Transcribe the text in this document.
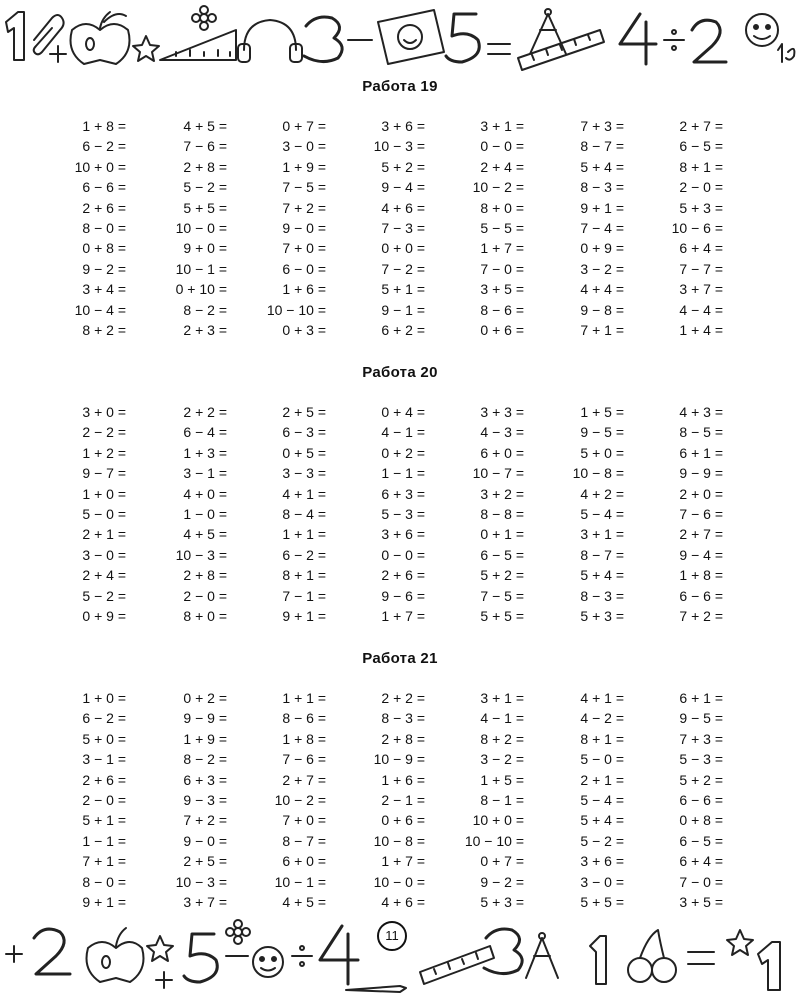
Работа 19
1 + 8 =
6 − 2 =
10 + 0 =
6 − 6 =
2 + 6 =
8 − 0 =
0 + 8 =
9 − 2 =
3 + 4 =
10 − 4 =
8 + 2 =
4 + 5 =
7 − 6 =
2 + 8 =
5 − 2 =
5 + 5 =
10 − 0 =
9 + 0 =
10 − 1 =
0 + 10 =
8 − 2 =
2 + 3 =
0 + 7 =
3 − 0 =
1 + 9 =
7 − 5 =
7 + 2 =
9 − 0 =
7 + 0 =
6 − 0 =
1 + 6 =
10 − 10 =
0 + 3 =
3 + 6 =
10 − 3 =
5 + 2 =
9 − 4 =
4 + 6 =
7 − 3 =
0 + 0 =
7 − 2 =
5 + 1 =
9 − 1 =
6 + 2 =
3 + 1 =
0 − 0 =
2 + 4 =
10 − 2 =
8 + 0 =
5 − 5 =
1 + 7 =
7 − 0 =
3 + 5 =
8 − 6 =
0 + 6 =
7 + 3 =
8 − 7 =
5 + 4 =
8 − 3 =
9 + 1 =
7 − 4 =
0 + 9 =
3 − 2 =
4 + 4 =
9 − 8 =
7 + 1 =
2 + 7 =
6 − 5 =
8 + 1 =
2 − 0 =
5 + 3 =
10 − 6 =
6 + 4 =
7 − 7 =
3 + 7 =
4 − 4 =
1 + 4 =
Работа 20
3 + 0 =
2 − 2 =
1 + 2 =
9 − 7 =
1 + 0 =
5 − 0 =
2 + 1 =
3 − 0 =
2 + 4 =
5 − 2 =
0 + 9 =
2 + 2 =
6 − 4 =
1 + 3 =
3 − 1 =
4 + 0 =
1 − 0 =
4 + 5 =
10 − 3 =
2 + 8 =
2 − 0 =
8 + 0 =
2 + 5 =
6 − 3 =
0 + 5 =
3 − 3 =
4 + 1 =
8 − 4 =
1 + 1 =
6 − 2 =
8 + 1 =
7 − 1 =
9 + 1 =
0 + 4 =
4 − 1 =
0 + 2 =
1 − 1 =
6 + 3 =
5 − 3 =
3 + 6 =
0 − 0 =
2 + 6 =
9 − 6 =
1 + 7 =
3 + 3 =
4 − 3 =
6 + 0 =
10 − 7 =
3 + 2 =
8 − 8 =
0 + 1 =
6 − 5 =
5 + 2 =
7 − 5 =
5 + 5 =
1 + 5 =
9 − 5 =
5 + 0 =
10 − 8 =
4 + 2 =
5 − 4 =
3 + 1 =
8 − 7 =
5 + 4 =
8 − 3 =
5 + 3 =
4 + 3 =
8 − 5 =
6 + 1 =
9 − 9 =
2 + 0 =
7 − 6 =
2 + 7 =
9 − 4 =
1 + 8 =
6 − 6 =
7 + 2 =
Работа 21
1 + 0 =
6 − 2 =
5 + 0 =
3 − 1 =
2 + 6 =
2 − 0 =
5 + 1 =
1 − 1 =
7 + 1 =
8 − 0 =
9 + 1 =
0 + 2 =
9 − 9 =
1 + 9 =
8 − 2 =
6 + 3 =
9 − 3 =
7 + 2 =
9 − 0 =
2 + 5 =
10 − 3 =
3 + 7 =
1 + 1 =
8 − 6 =
1 + 8 =
7 − 6 =
2 + 7 =
10 − 2 =
7 + 0 =
8 − 7 =
6 + 0 =
10 − 1 =
4 + 5 =
2 + 2 =
8 − 3 =
2 + 8 =
10 − 9 =
1 + 6 =
2 − 1 =
0 + 6 =
10 − 8 =
1 + 7 =
10 − 0 =
4 + 6 =
3 + 1 =
4 − 1 =
8 + 2 =
3 − 2 =
1 + 5 =
8 − 1 =
10 + 0 =
10 − 10 =
0 + 7 =
9 − 2 =
5 + 3 =
4 + 1 =
4 − 2 =
8 + 1 =
5 − 0 =
2 + 1 =
5 − 4 =
5 + 4 =
5 − 2 =
3 + 6 =
3 − 0 =
5 + 5 =
6 + 1 =
9 − 5 =
7 + 3 =
5 − 3 =
5 + 2 =
6 − 6 =
0 + 8 =
6 − 5 =
6 + 4 =
7 − 0 =
3 + 5 =
11
